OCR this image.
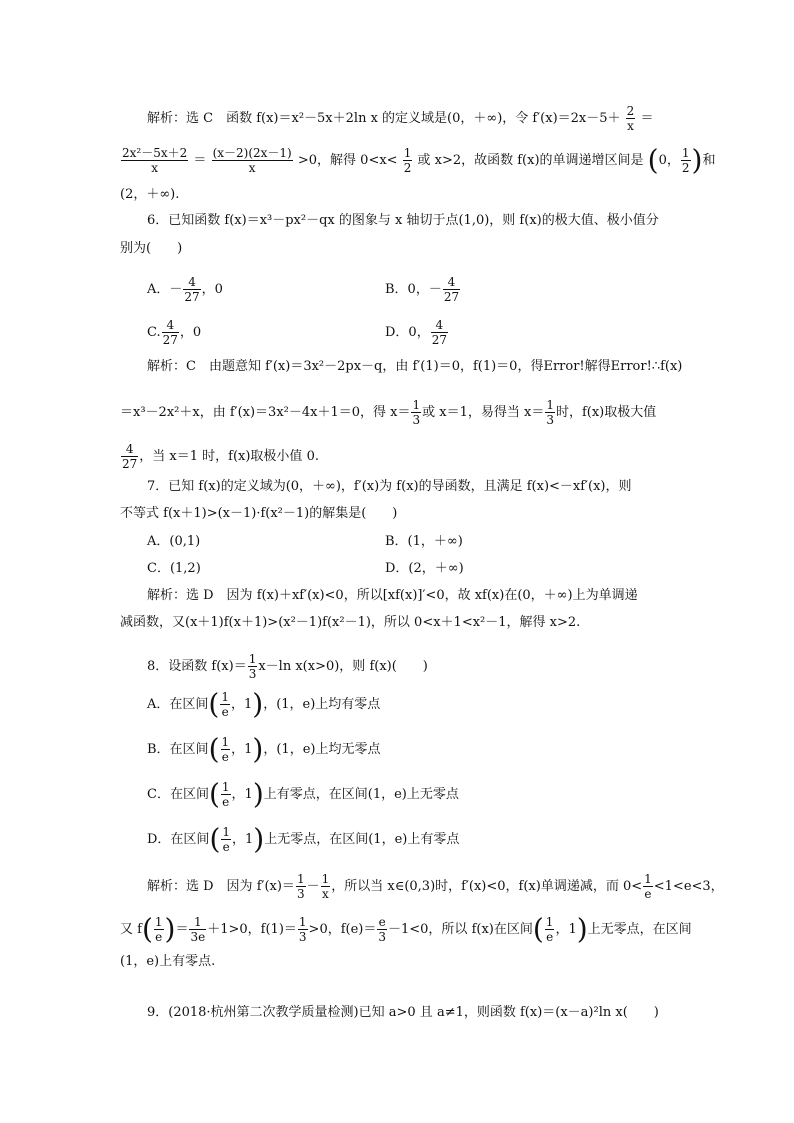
解析：选 C　函数 f(x)＝x²－5x＋2ln x 的定义域是(0，＋∞)，令 $f'(x)=2x-5+ \frac{2}{x}$ ＝
$\frac{\text{2x²－5x＋2}}{x} = \frac{(x-2)(2x-1)}{x} >0$，解得 $0<x< \frac{1}{2}$ 或 x>2，故函数 f(x)的单调递增区间是 (0， $\frac{1}{2}$ )和
(2，＋∞).
6．已知函数 f(x)＝x³－px²－qx 的图象与 x 轴切于点(1,0)，则 f(x)的极大值、极小值分
别为(　　)
A．－ $\frac{4}{27}$ ，0	B．0，－ $\frac{4}{27}$
C. $\frac{4}{27}$ ，0	D．0， $\frac{4}{27}$
解析：C　由题意知 f′(x)＝3x²－2px－q，由 f′(1)＝0，f(1)＝0，得Error!解得Error!∴f(x)
＝x³－2x²＋x，由 f′(x)＝3x²－4x＋1＝0，得 $x= \frac{1}{3}$ 或 x＝1，易得当 $x= \frac{1}{3}$ 时，f(x)取极大值
$\frac{4}{27}$ ，当 x＝1 时，f(x)取极小值 0.
7．已知 f(x)的定义域为(0，＋∞)，f′(x)为 f(x)的导函数，且满足 f(x)<－xf′(x)，则
不等式 f(x＋1)>(x－1)·f(x²－1)的解集是(　　)
A．(0,1)	B．(1，＋∞)
C．(1,2)	D．(2，＋∞)
解析：选 D　因为 f(x)＋xf′(x)<0，所以[xf(x)]′<0，故 xf(x)在(0，＋∞)上为单调递
减函数，又(x＋1)f(x＋1)>(x²－1)f(x²－1)，所以 0<x＋1<x²－1，解得 x>2.
8．设函数 $f(x)= \frac{1}{3} x-\ln$ x(x>0)，则 f(x)(　　)
A．在区间( $\frac{1}{e}$ ，1)，(1，e)上均有零点
B．在区间( $\frac{1}{e}$ ，1)，(1，e)上均无零点
C．在区间( $\frac{1}{e}$ ，1)上有零点，在区间(1，e)上无零点
D．在区间( $\frac{1}{e}$ ，1)上无零点，在区间(1，e)上有零点
解析：选 D　因为 $f'(x)= \frac{1}{3} - \frac{1}{x}$ ，所以当 x∈(0,3)时，f′(x)<0，f(x)单调递减，而 $0< \frac{1}{e} <1<e<3$，
又 $f( \frac{1}{e}$ )＝ $\frac{1}{3e} +1>0$，$f(1)= \frac{1}{3} >0$，$f(e)= \frac{e}{3} -1<0$，所以 f(x)在区间( $\frac{1}{e}$ ，1)上无零点，在区间
(1，e)上有零点.
9．(2018·杭州第二次教学质量检测)已知 a>0 且 a≠1，则函数 f(x)＝(x－a)²ln x(　　)
